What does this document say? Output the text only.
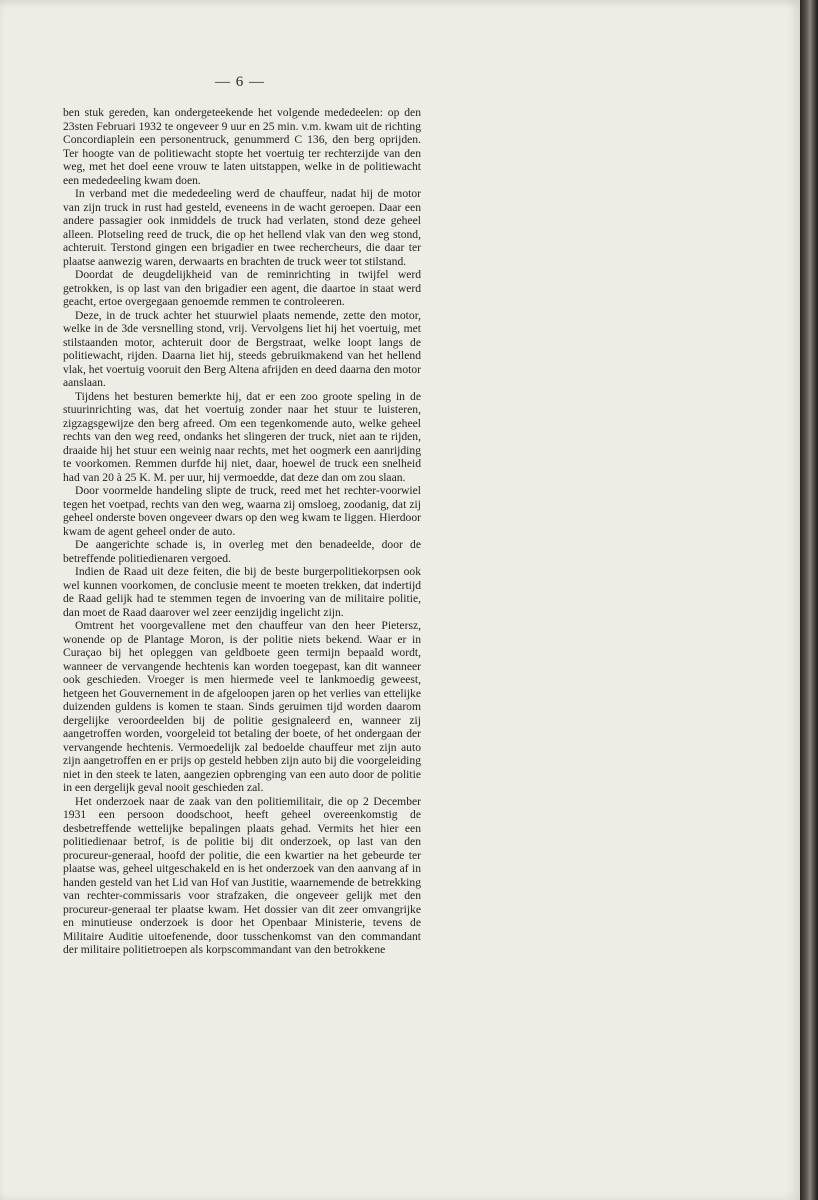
— 6 —

ben stuk gereden, kan ondergeteekende het volgende mededeelen: op den 23sten Februari 1932 te ongeveer 9 uur en 25 min. v.m. kwam uit de richting Concordiaplein een personentruck, genummerd C 136, den berg oprijden. Ter hoogte van de politiewacht stopte het voertuig ter rechterzijde van den weg, met het doel eene vrouw te laten uitstappen, welke in de politiewacht een mededeeling kwam doen.

In verband met die mededeeling werd de chauffeur, nadat hij de motor van zijn truck in rust had gesteld, eveneens in de wacht geroepen. Daar een andere passagier ook inmiddels de truck had verlaten, stond deze geheel alleen. Plotseling reed de truck, die op het hellend vlak van den weg stond, achteruit. Terstond gingen een brigadier en twee rechercheurs, die daar ter plaatse aanwezig waren, derwaarts en brachten de truck weer tot stilstand.

Doordat de deugdelijkheid van de reminrichting in twijfel werd getrokken, is op last van den brigadier een agent, die daartoe in staat werd geacht, ertoe overgegaan genoemde remmen te controleeren.

Deze, in de truck achter het stuurwiel plaats nemende, zette den motor, welke in de 3de versnelling stond, vrij. Vervolgens liet hij het voertuig, met stilstaanden motor, achteruit door de Bergstraat, welke loopt langs de politiewacht, rijden. Daarna liet hij, steeds gebruikmakend van het hellend vlak, het voertuig vooruit den Berg Altena afrijden en deed daarna den motor aanslaan.

Tijdens het besturen bemerkte hij, dat er een zoo groote speling in de stuurinrichting was, dat het voertuig zonder naar het stuur te luisteren, zigzagsgewijze den berg afreed. Om een tegenkomende auto, welke geheel rechts van den weg reed, ondanks het slingeren der truck, niet aan te rijden, draaide hij het stuur een weinig naar rechts, met het oogmerk een aanrijding te voorkomen. Remmen durfde hij niet, daar, hoewel de truck een snelheid had van 20 à 25 K. M. per uur, hij vermoedde, dat deze dan om zou slaan.

Door voormelde handeling slipte de truck, reed met het rechter-voorwiel tegen het voetpad, rechts van den weg, waarna zij omsloeg, zoodanig, dat zij geheel onderste boven ongeveer dwars op den weg kwam te liggen. Hierdoor kwam de agent geheel onder de auto.

De aangerichte schade is, in overleg met den benadeelde, door de betreffende politiedienaren vergoed.

Indien de Raad uit deze feiten, die bij de beste burgerpolitiekorpsen ook wel kunnen voorkomen, de conclusie meent te moeten trekken, dat indertijd de Raad gelijk had te stemmen tegen de invoering van de militaire politie, dan moet de Raad daarover wel zeer eenzijdig ingelicht zijn.

Omtrent het voorgevallene met den chauffeur van den heer Pietersz, wonende op de Plantage Moron, is der politie niets bekend. Waar er in Curaçao bij het opleggen van geldboete geen termijn bepaald wordt, wanneer de vervangende hechtenis kan worden toegepast, kan dit wanneer ook geschieden. Vroeger is men hiermede veel te lankmoedig geweest, hetgeen het Gouvernement in de afgeloopen jaren op het verlies van ettelijke duizenden guldens is komen te staan. Sinds geruimen tijd worden daarom dergelijke veroordeelden bij de politie gesignaleerd en, wanneer zij aangetroffen worden, voorgeleid tot betaling der boete, of het ondergaan der vervangende hechtenis. Vermoedelijk zal bedoelde chauffeur met zijn auto zijn aangetroffen en er prijs op gesteld hebben zijn auto bij die voorgeleiding niet in den steek te laten, aangezien opbrenging van een auto door de politie in een dergelijk geval nooit geschieden zal.

Het onderzoek naar de zaak van den politiemilitair, die op 2 December 1931 een persoon doodschoot, heeft geheel overeenkomstig de desbetreffende wettelijke bepalingen plaats gehad. Vermits het hier een politiedienaar betrof, is de politie bij dit onderzoek, op last van den procureur-generaal, hoofd der politie, die een kwartier na het gebeurde ter plaatse was, geheel uitgeschakeld en is het onderzoek van den aanvang af in handen gesteld van het Lid van Hof van Justitie, waarnemende de betrekking van rechter-commissaris voor strafzaken, die ongeveer gelijk met den procureur-generaal ter plaatse kwam. Het dossier van dit zeer omvangrijke en minutieuse onderzoek is door het Openbaar Ministerie, tevens de Militaire Auditie uitoefenende, door tusschenkomst van den commandant der militaire politietroepen als korpscommandant van den betrokkene
